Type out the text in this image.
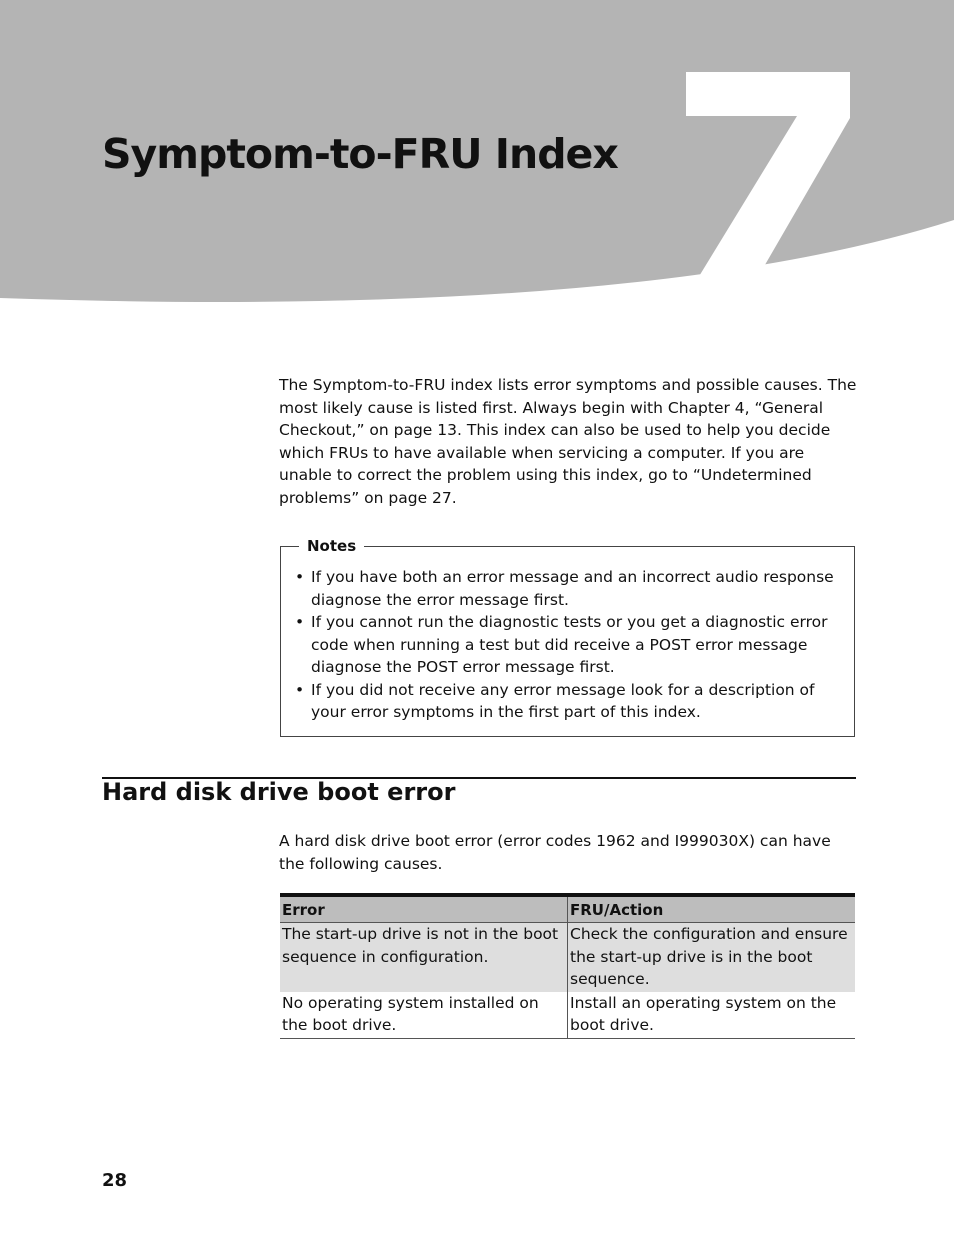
Symptom-to-FRU Index

The Symptom-to-FRU index lists error symptoms and possible causes. The most likely cause is listed first. Always begin with Chapter 4, “General Checkout,” on page 13. This index can also be used to help you decide which FRUs to have available when servicing a computer. If you are unable to correct the problem using this index, go to “Undetermined problems” on page 27.

Notes
• If you have both an error message and an incorrect audio response diagnose the error message first.
• If you cannot run the diagnostic tests or you get a diagnostic error code when running a test but did receive a POST error message diagnose the POST error message first.
• If you did not receive any error message look for a description of your error symptoms in the first part of this index.
Hard disk drive boot error

A hard disk drive boot error (error codes 1962 and I999030X) can have the following causes.

Error	FRU/Action
The start-up drive is not in the boot sequence in configuration.	Check the configuration and ensure the start-up drive is in the boot sequence.
No operating system installed on the boot drive.	Install an operating system on the boot drive.

28
